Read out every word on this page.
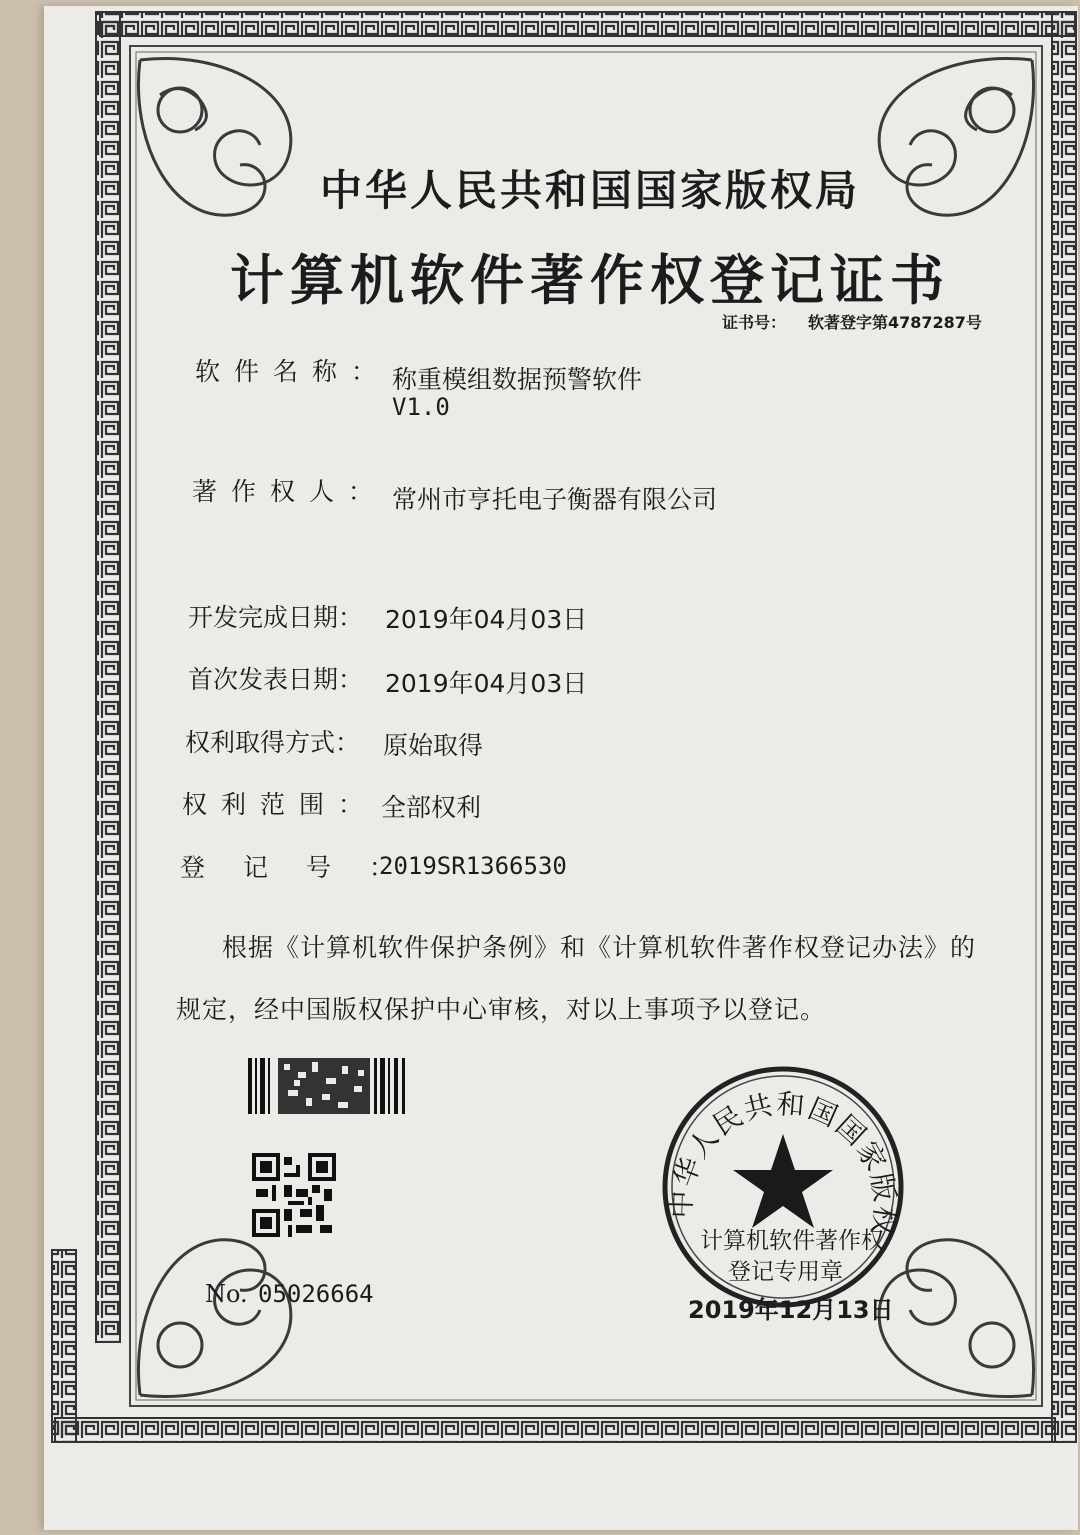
中华人民共和国国家版权局
计算机软件著作权登记证书
证书号： 软著登字第4787287号
软件名称： 称重模组数据预警软件
V1.0
著作权人： 常州市亨托电子衡器有限公司
开发完成日期： 2019年04月03日
首次发表日期： 2019年04月03日
权利取得方式： 原始取得
权利范围： 全部权利
登记号：
2019SR1366530
根据《计算机软件保护条例》和《计算机软件著作权登记办法》的
规定，经中国版权保护中心审核，对以上事项予以登记。
No. 05026664
中华人民共和国国家
计算机软件著作权
登记专用章
2019年12月13日
